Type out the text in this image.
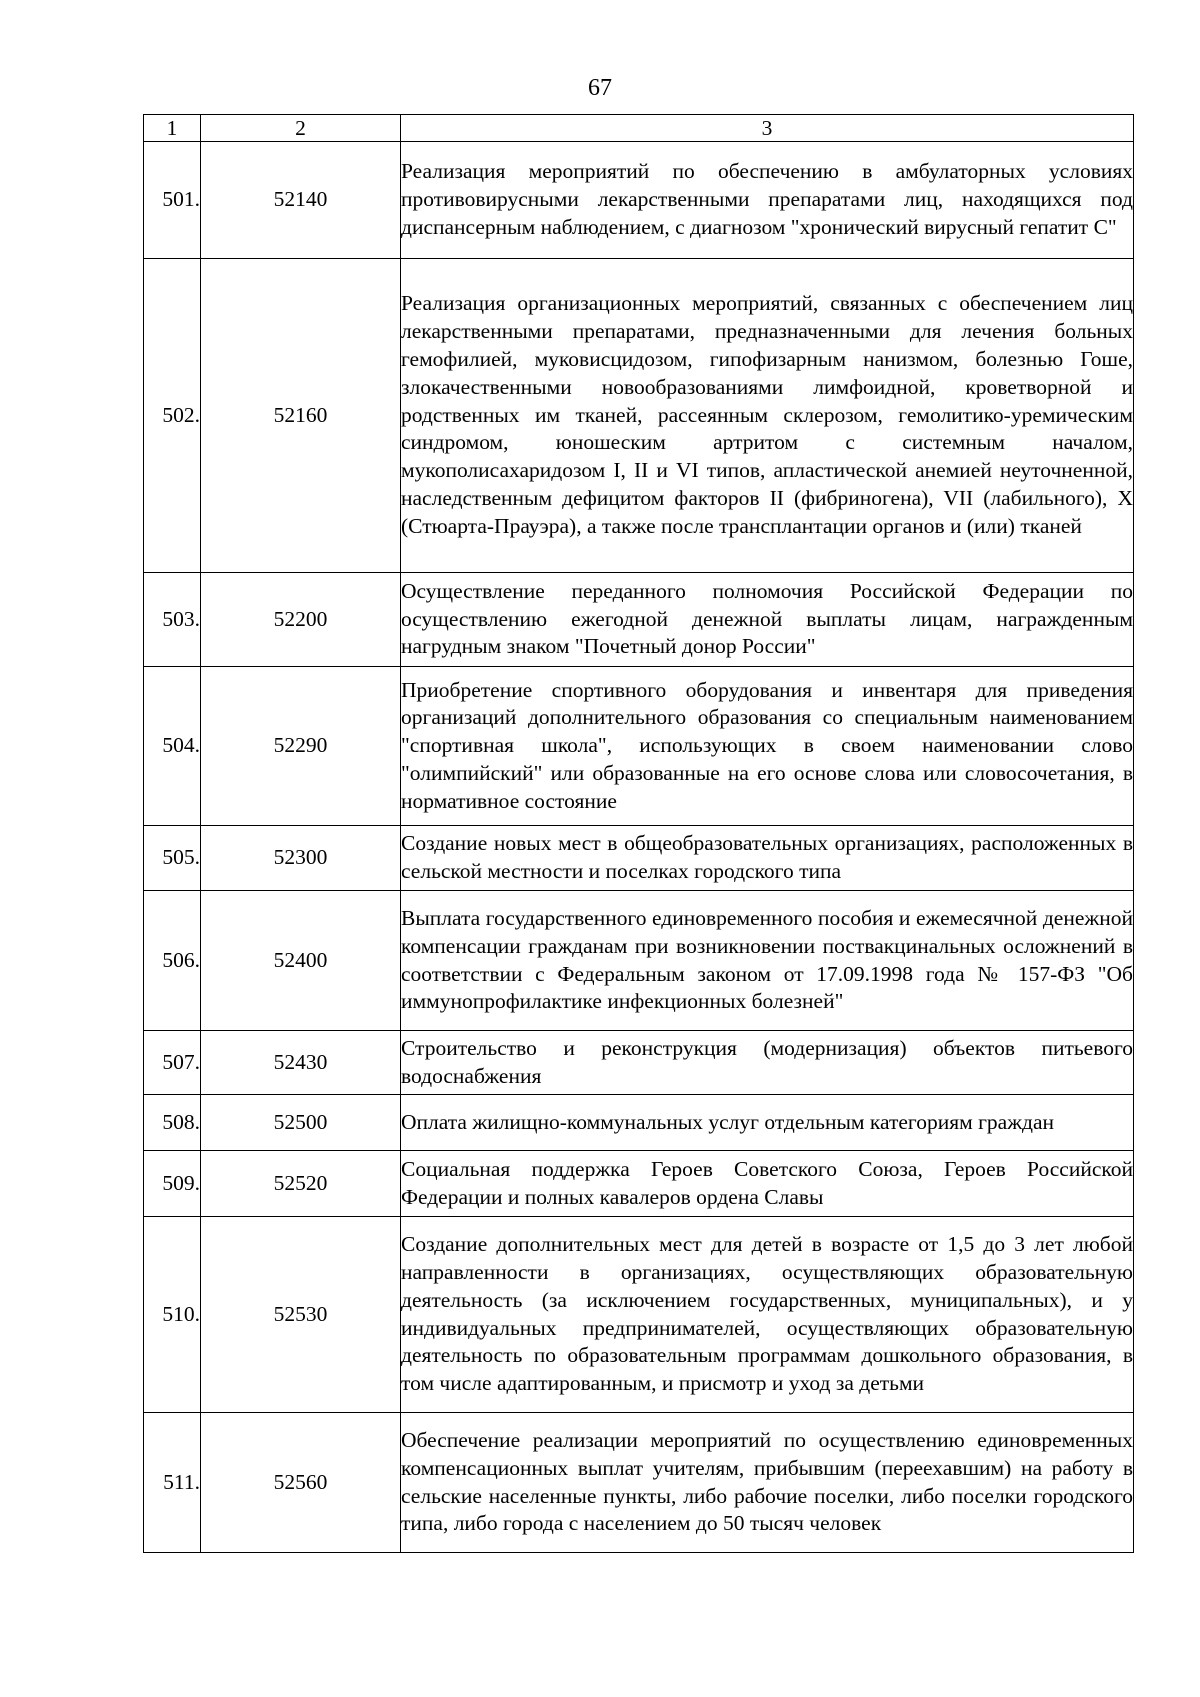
67
1	2	3
501.	52140	Реализация мероприятий по обеспечению в амбулаторных условиях противовирусными лекарственными препаратами лиц, находящихся под диспансерным наблюдением, с диагнозом "хронический вирусный гепатит С"
502.	52160	Реализация организационных мероприятий, связанных с обеспечением лиц лекарственными препаратами, предназначенными для лечения больных гемофилией, муковисцидозом, гипофизарным нанизмом, болезнью Гоше, злокачественными новообразованиями лимфоидной, кроветворной и родственных им тканей, рассеянным склерозом, гемолитико-уремическим синдромом, юношеским артритом с системным началом, мукополисахаридозом I, II и VI типов, апластической анемией неуточненной, наследственным дефицитом факторов II (фибриногена), VII (лабильного), X (Стюарта-Прауэра), а также после трансплантации органов и (или) тканей
503.	52200	Осуществление переданного полномочия Российской Федерации по осуществлению ежегодной денежной выплаты лицам, награжденным нагрудным знаком "Почетный донор России"
504.	52290	Приобретение спортивного оборудования и инвентаря для приведения организаций дополнительного образования со специальным наименованием "спортивная школа", использующих в своем наименовании слово "олимпийский" или образованные на его основе слова или словосочетания, в нормативное состояние
505.	52300	Создание новых мест в общеобразовательных организациях, расположенных в сельской местности и поселках городского типа
506.	52400	Выплата государственного единовременного пособия и ежемесячной денежной компенсации гражданам при возникновении поствакцинальных осложнений в соответствии с Федеральным законом от 17.09.1998 года № 157-ФЗ "Об иммунопрофилактике инфекционных болезней"
507.	52430	Строительство и реконструкция (модернизация) объектов питьевого водоснабжения
508.	52500	Оплата жилищно-коммунальных услуг отдельным категориям граждан
509.	52520	Социальная поддержка Героев Советского Союза, Героев Российской Федерации и полных кавалеров ордена Славы
510.	52530	Создание дополнительных мест для детей в возрасте от 1,5 до 3 лет любой направленности в организациях, осуществляющих образовательную деятельность (за исключением государственных, муниципальных), и у индивидуальных предпринимателей, осуществляющих образовательную деятельность по образовательным программам дошкольного образования, в том числе адаптированным, и присмотр и уход за детьми
511.	52560	Обеспечение реализации мероприятий по осуществлению единовременных компенсационных выплат учителям, прибывшим (переехавшим) на работу в сельские населенные пункты, либо рабочие поселки, либо поселки городского типа, либо города с населением до 50 тысяч человек
